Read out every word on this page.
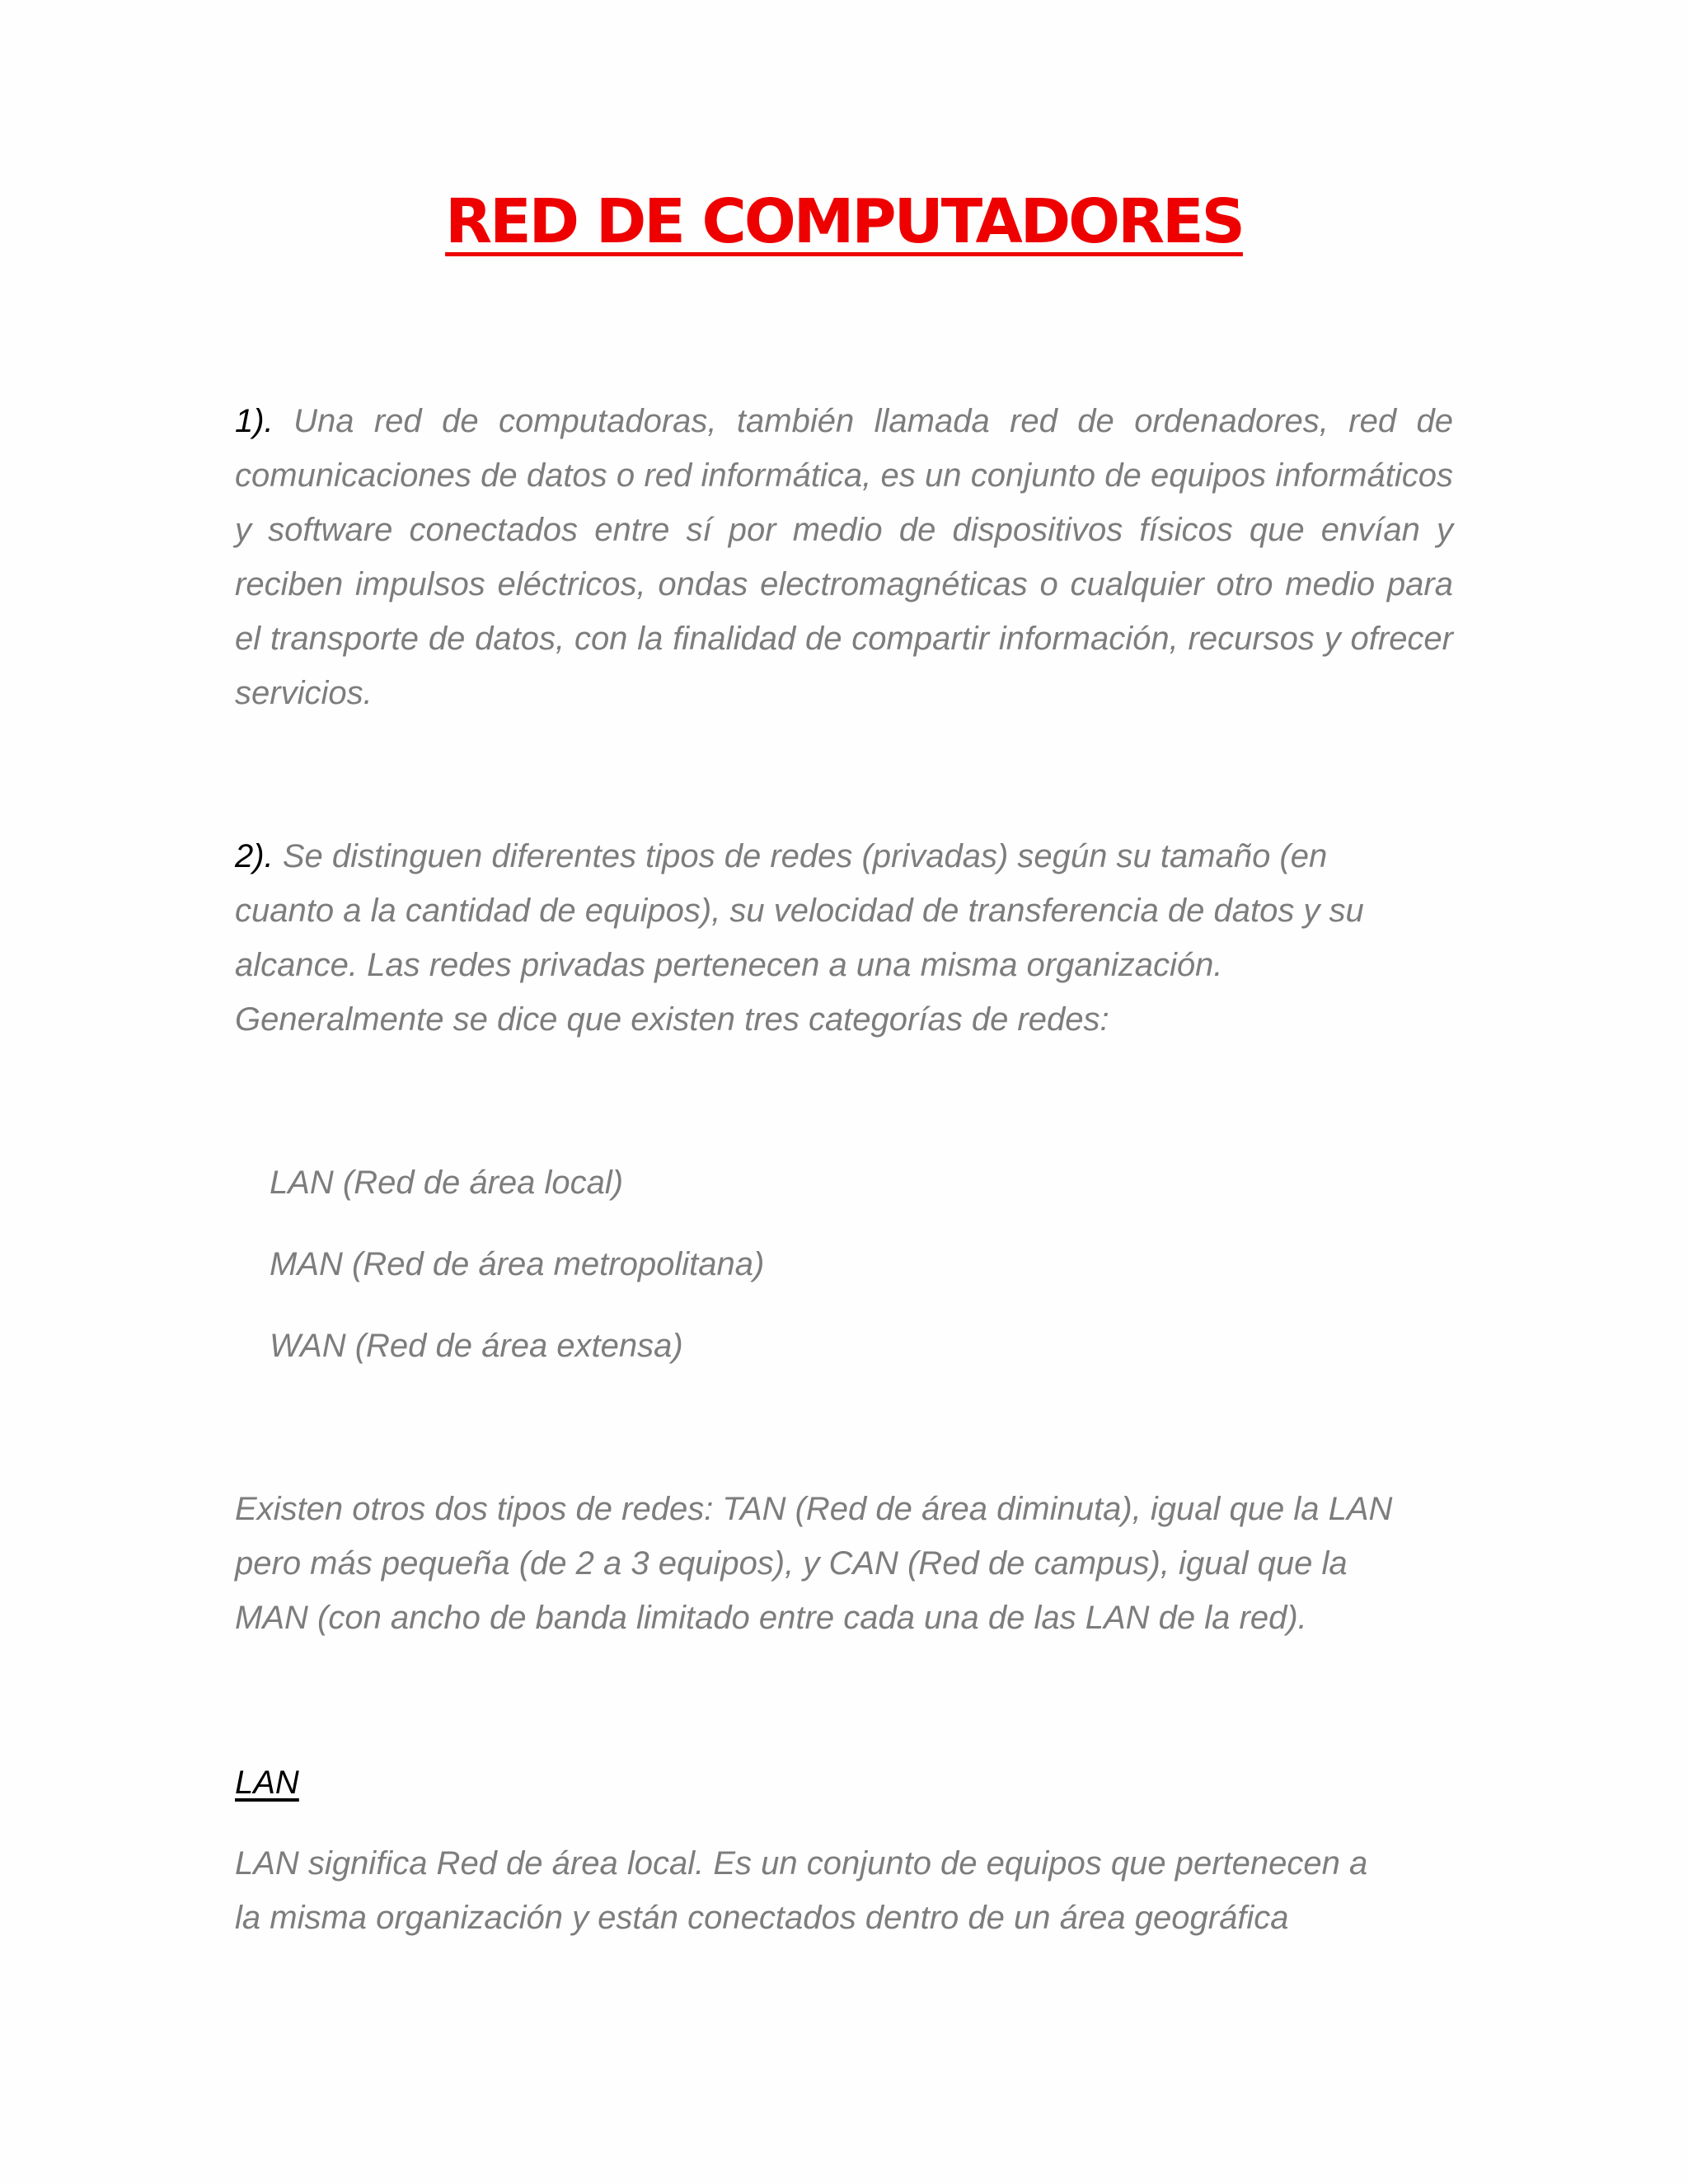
RED DE COMPUTADORES

1). Una red de computadoras, también llamada red de ordenadores, red de comunicaciones de datos o red informática, es un conjunto de equipos informáticos y software conectados entre sí por medio de dispositivos físicos que envían y reciben impulsos eléctricos, ondas electromagnéticas o cualquier otro medio para el transporte de datos, con la finalidad de compartir información, recursos y ofrecer servicios.

2). Se distinguen diferentes tipos de redes (privadas) según su tamaño (en
cuanto a la cantidad de equipos), su velocidad de transferencia de datos y su
alcance. Las redes privadas pertenecen a una misma organización.
Generalmente se dice que existen tres categorías de redes:
LAN (Red de área local)
MAN (Red de área metropolitana)
WAN (Red de área extensa)
Existen otros dos tipos de redes: TAN (Red de área diminuta), igual que la LAN
pero más pequeña (de 2 a 3 equipos), y CAN (Red de campus), igual que la
MAN (con ancho de banda limitado entre cada una de las LAN de la red).
LAN
LAN significa Red de área local. Es un conjunto de equipos que pertenecen a
la misma organización y están conectados dentro de un área geográfica
